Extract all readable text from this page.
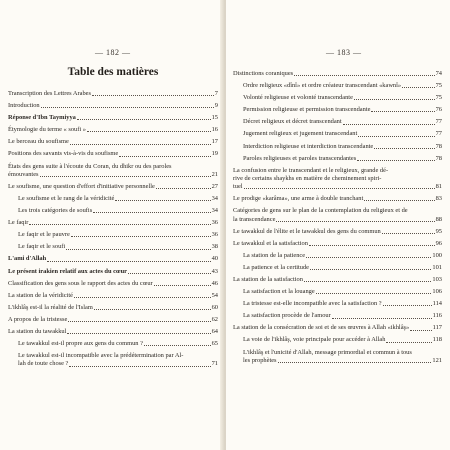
— 182 —
Table des matières
Transcription des Lettres Arabes	7
Introduction	9
Réponse d'Ibn Taymiyya	15
Étymologie du terme « soufi »	16
Le berceau du soufisme	17
Positions des savants vis-à-vis du soufisme	19
États des gens suite à l'écoute du Coran, du dhikr ou des paroles
émouvantes	21
Le soufisme, une question d'effort d'initiative personnelle	27
Le soufisme et le rang de la véridicité	34
Les trois catégories de soufis	34
Le faqir	36
Le faqir et le pauvre	36
Le faqir et le soufi	38
L'ami d'Allah	40
Le présent irakien relatif aux actes du cœur	43
Classification des gens sous le rapport des actes du cœur	46
La station de la véridicité	54
L'ikhlâş est-il la réalité de l'Islam	60
A propos de la tristesse	62
La station du tawakkul	64
Le tawakkul est-il propre aux gens du commun ?	65
Le tawakkul est-il incompatible avec la prédétermination par Al-
lah de toute chose ?	71
— 183 —
Distinctions coraniques	74
Ordre religieux «dînî» et ordre créateur transcendant «kawnî»	75
Volonté religieuse et volonté transcendante	75
Permission religieuse et permission transcendante	76
Décret religieux et décret transcendant	77
Jugement religieux et jugement transcendant	77
Interdiction religieuse et interdiction transcendante	78
Paroles religieuses et paroles transcendantes	78
La confusion entre le transcendant et le religieux, grande dé-
rive de certains shaykhs en matière de cheminement spiri-
tuel	81
Le prodige «karâma», une arme à double tranchant	83
Catégories de gens sur le plan de la contemplation du religieux et de
la transcendance	88
Le tawakkul de l'élite et le tawakkul des gens du commun	95
Le tawakkul et la satisfaction	96
La station de la patience	100
La patience et la certitude	101
La station de la satisfaction	103
La satisfaction et la louange	106
La tristesse est-elle incompatible avec la satisfaction ?	114
La satisfaction procède de l'amour	116
La station de la consécration de soi et de ses œuvres à Allah «ikhlâş»	117
La voie de l'ikhlâş, voie principale pour accéder à Allah	118
L'ikhlâş et l'unicité d'Allah, message primordial et commun à tous
les prophètes	121
